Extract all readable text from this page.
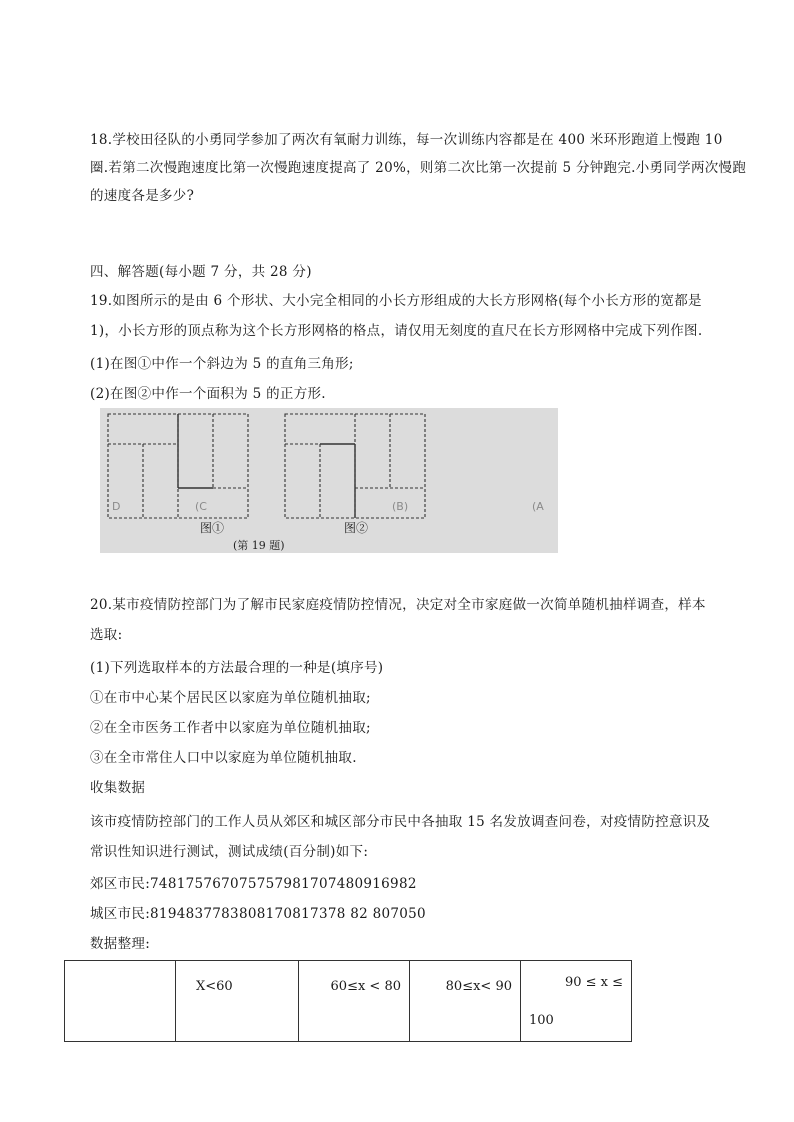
18.学校田径队的小勇同学参加了两次有氧耐力训练，每一次训练内容都是在 400 米环形跑道上慢跑 10
圈.若第二次慢跑速度比第一次慢跑速度提高了 20%，则第二次比第一次提前 5 分钟跑完.小勇同学两次慢跑
的速度各是多少?
四、解答题(每小题 7 分，共 28 分)
19.如图所示的是由 6 个形状、大小完全相同的小长方形组成的大长方形网格(每个小长方形的宽都是
1)，小长方形的顶点称为这个长方形网格的格点，请仅用无刻度的直尺在长方形网格中完成下列作图.
(1)在图①中作一个斜边为 5 的直角三角形;
(2)在图②中作一个面积为 5 的正方形.
D	(C	(B)	(A
图①	图②
(第 19 题)
20.某市疫情防控部门为了解市民家庭疫情防控情况，决定对全市家庭做一次简单随机抽样调查，样本
选取:
(1)下列选取样本的方法最合理的一种是(填序号)
①在市中心某个居民区以家庭为单位随机抽取;
②在全市医务工作者中以家庭为单位随机抽取;
③在全市常住人口中以家庭为单位随机抽取.
收集数据
该市疫情防控部门的工作人员从郊区和城区部分市民中各抽取 15 名发放调查问卷，对疫情防控意识及
常识性知识进行测试，测试成绩(百分制)如下:
郊区市民:748175767075757981707480916982
城区市民:8194837783808170817378 82 807050
数据整理:
	X<60	60≤x < 80	80≤x< 90	90 ≤ x ≤
100
